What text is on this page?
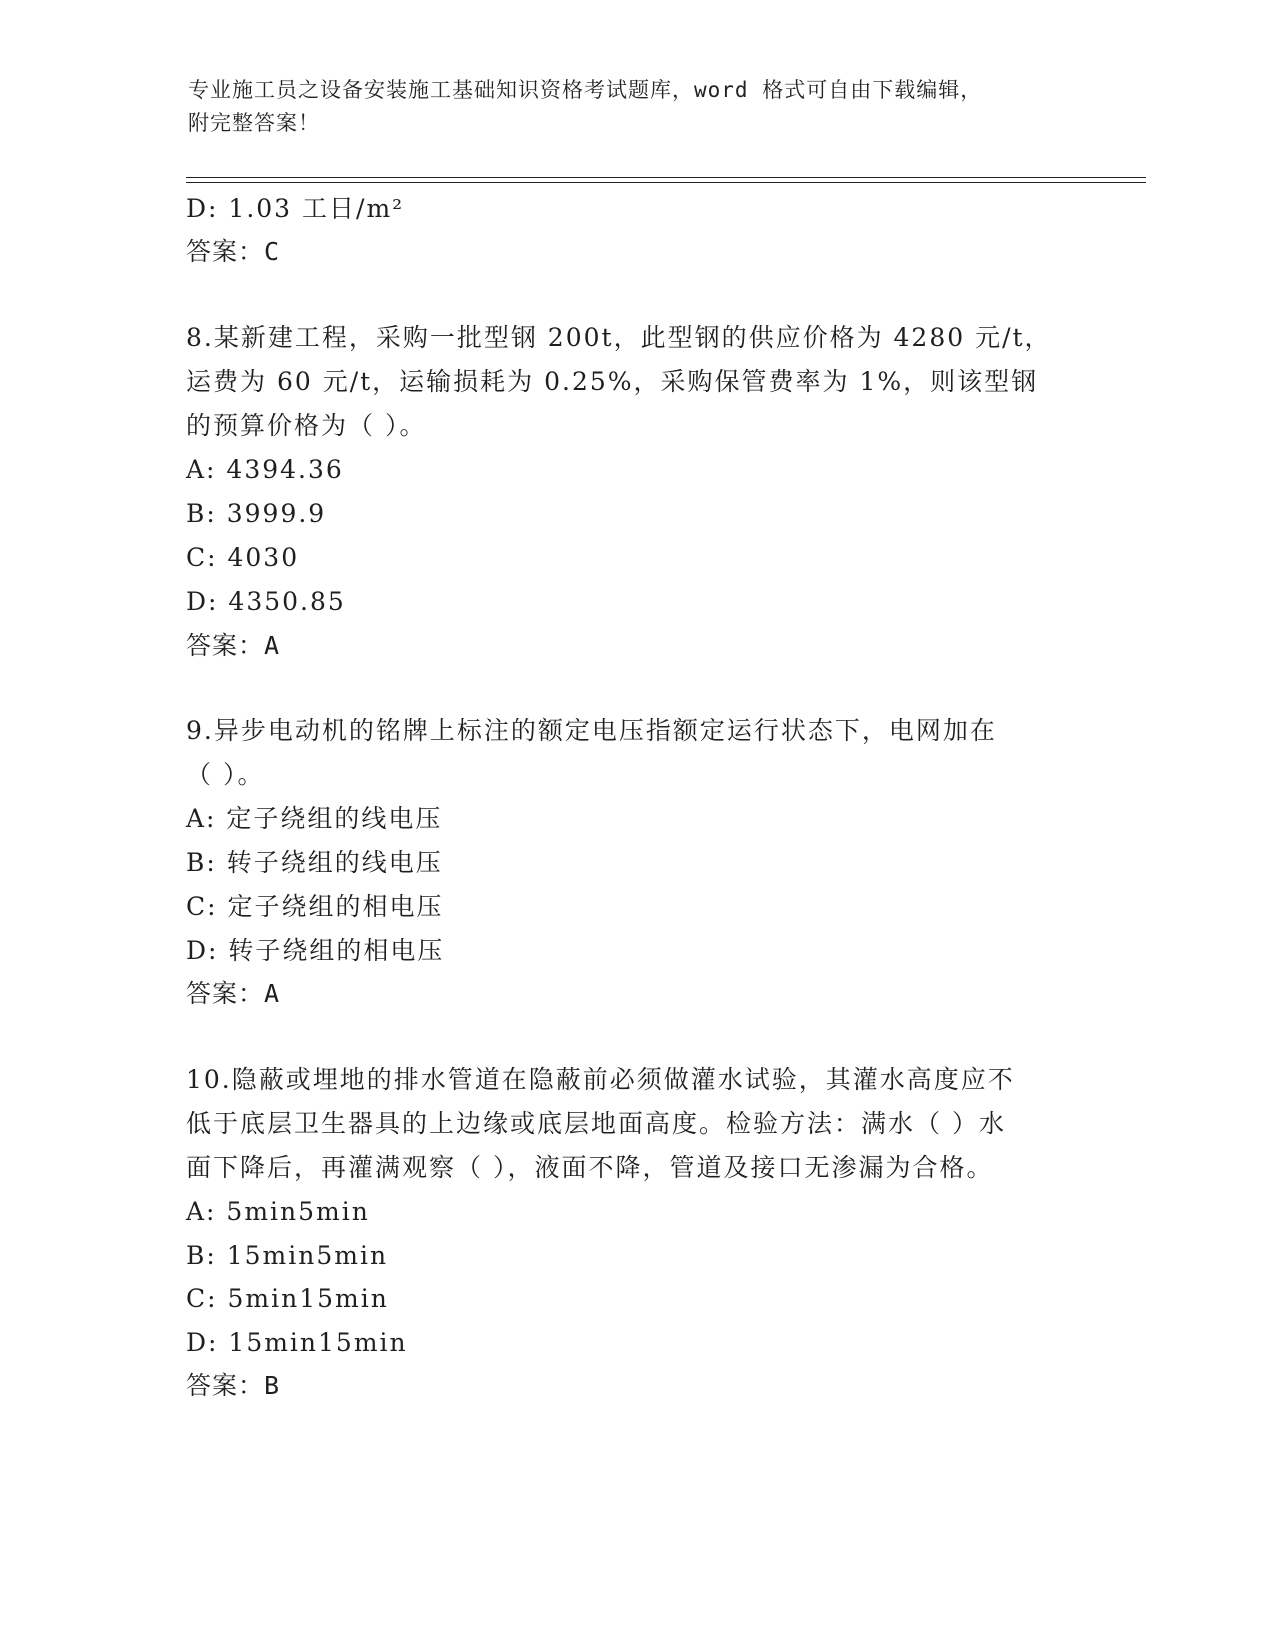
专业施工员之设备安装施工基础知识资格考试题库，word 格式可自由下载编辑，
附完整答案！
D: 1.03 工日/m²
答案：C
8.某新建工程，采购一批型钢 200t，此型钢的供应价格为 4280 元/t，
运费为 60 元/t，运输损耗为 0.25%，采购保管费率为 1%，则该型钢
的预算价格为（ ）。
A: 4394.36
B: 3999.9
C: 4030
D: 4350.85
答案：A
9.异步电动机的铭牌上标注的额定电压指额定运行状态下，电网加在
（ ）。
A: 定子绕组的线电压
B: 转子绕组的线电压
C: 定子绕组的相电压
D: 转子绕组的相电压
答案：A
10.隐蔽或埋地的排水管道在隐蔽前必须做灌水试验，其灌水高度应不
低于底层卫生器具的上边缘或底层地面高度。检验方法：满水（ ）水
面下降后，再灌满观察（ ），液面不降，管道及接口无渗漏为合格。
A: 5min5min
B: 15min5min
C: 5min15min
D: 15min15min
答案：B
